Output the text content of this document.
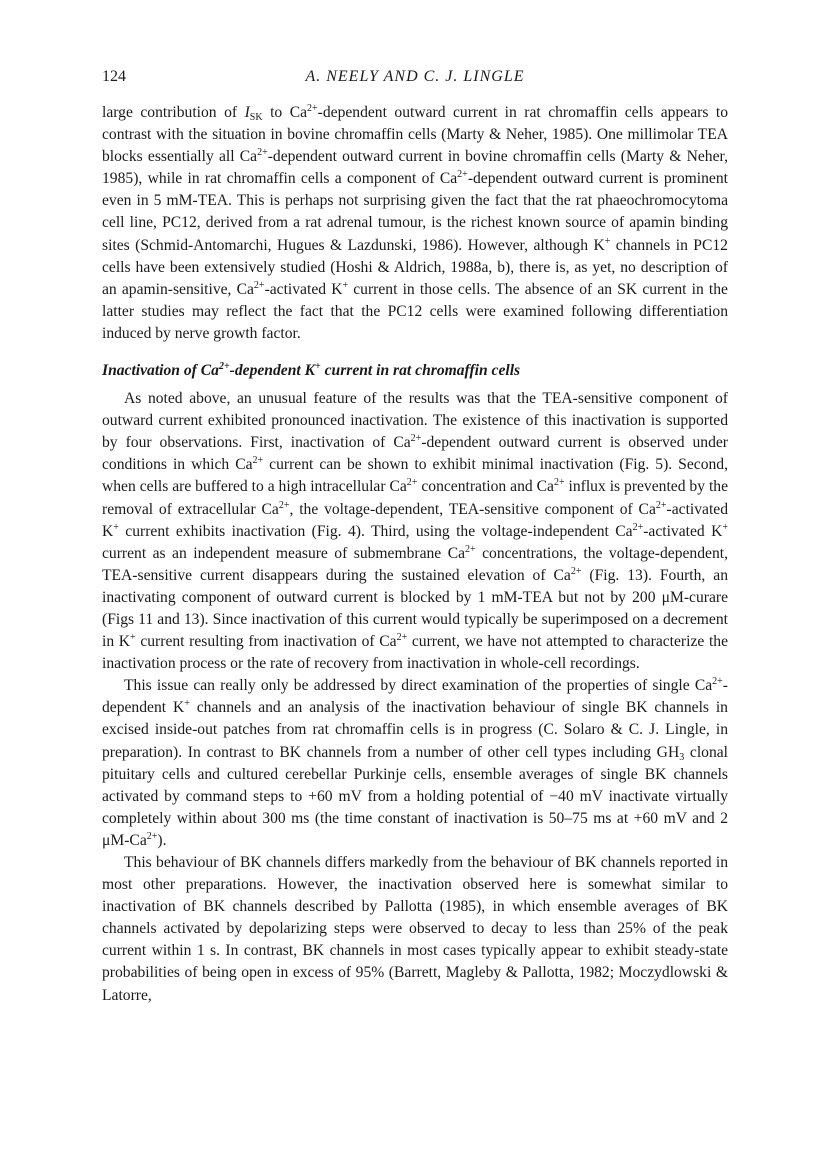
124	A. NEELY AND C. J. LINGLE

large contribution of $I_{SK}$ to $Ca^{2+}$-dependent outward current in rat chromaffin cells appears to contrast with the situation in bovine chromaffin cells (Marty & Neher, 1985). One millimolar TEA blocks essentially all $Ca^{2+}$-dependent outward current in bovine chromaffin cells (Marty & Neher, 1985), while in rat chromaffin cells a component of $Ca^{2+}$-dependent outward current is prominent even in 5 mM-TEA. This is perhaps not surprising given the fact that the rat phaeochromocytoma cell line, PC12, derived from a rat adrenal tumour, is the richest known source of apamin binding sites (Schmid-Antomarchi, Hugues & Lazdunski, 1986). However, although K+ channels in PC12 cells have been extensively studied (Hoshi & Aldrich, 1988a, b), there is, as yet, no description of an apamin-sensitive, $Ca^{2+}$-activated K+ current in those cells. The absence of an SK current in the latter studies may reflect the fact that the PC12 cells were examined following differentiation induced by nerve growth factor.

Inactivation of $Ca^{2+}$-dependent K+ current in rat chromaffin cells

As noted above, an unusual feature of the results was that the TEA-sensitive component of outward current exhibited pronounced inactivation. The existence of this inactivation is supported by four observations. First, inactivation of $Ca^{2+}$-dependent outward current is observed under conditions in which $Ca^{2+}$ current can be shown to exhibit minimal inactivation (Fig. 5). Second, when cells are buffered to a high intracellular $Ca^{2+}$ concentration and $Ca^{2+}$ influx is prevented by the removal of extracellular $Ca^{2+}$, the voltage-dependent, TEA-sensitive component of $Ca^{2+}$-activated K+ current exhibits inactivation (Fig. 4). Third, using the voltage-independent $Ca^{2+}$-activated K+ current as an independent measure of submembrane $Ca^{2+}$ concentrations, the voltage-dependent, TEA-sensitive current disappears during the sustained elevation of $Ca^{2+}$ (Fig. 13). Fourth, an inactivating component of outward current is blocked by 1 mM-TEA but not by 200 μM-curare (Figs 11 and 13). Since inactivation of this current would typically be superimposed on a decrement in K+ current resulting from inactivation of $Ca^{2+}$ current, we have not attempted to characterize the inactivation process or the rate of recovery from inactivation in whole-cell recordings.

This issue can really only be addressed by direct examination of the properties of single $Ca^{2+}$-dependent K+ channels and an analysis of the inactivation behaviour of single BK channels in excised inside-out patches from rat chromaffin cells is in progress (C. Solaro & C. J. Lingle, in preparation). In contrast to BK channels from a number of other cell types including $GH_3$ clonal pituitary cells and cultured cerebellar Purkinje cells, ensemble averages of single BK channels activated by command steps to +60 mV from a holding potential of −40 mV inactivate virtually completely within about 300 ms (the time constant of inactivation is 50–75 ms at +60 mV and 2 $\mu M-Ca^{2+}$).

This behaviour of BK channels differs markedly from the behaviour of BK channels reported in most other preparations. However, the inactivation observed here is somewhat similar to inactivation of BK channels described by Pallotta (1985), in which ensemble averages of BK channels activated by depolarizing steps were observed to decay to less than 25% of the peak current within 1 s. In contrast, BK channels in most cases typically appear to exhibit steady-state probabilities of being open in excess of 95% (Barrett, Magleby & Pallotta, 1982; Moczydlowski & Latorre,
